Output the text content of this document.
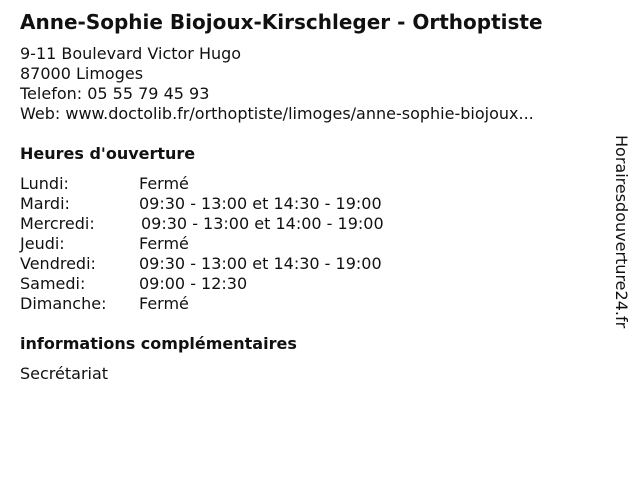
Anne-Sophie Biojoux-Kirschleger - Orthoptiste
9-11 Boulevard Victor Hugo
87000 Limoges
Telefon: 05 55 79 45 93
Web: www.doctolib.fr/orthoptiste/limoges/anne-sophie-biojoux...
Heures d'ouverture
Lundi:	Fermé
Mardi:	09:30 - 13:00 et 14:30 - 19:00
Mercredi:	09:30 - 13:00 et 14:00 - 19:00
Jeudi:	Fermé
Vendredi:	09:30 - 13:00 et 14:30 - 19:00
Samedi:	09:00 - 12:30
Dimanche: Fermé
informations complémentaires
Secrétariat
Horairesdouverture24.fr
